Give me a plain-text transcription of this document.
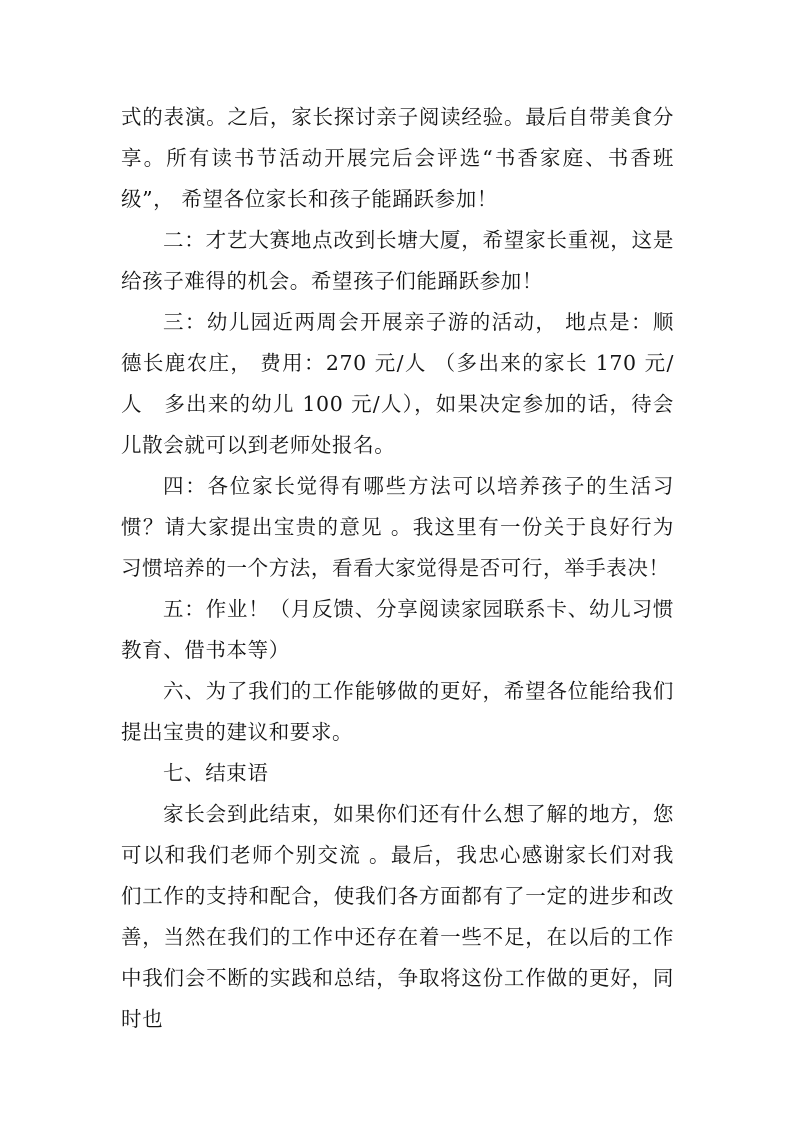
式的表演。之后，家长探讨亲子阅读经验。最后自带美食分享。所有读书节活动开展完后会评选“书香家庭、书香班级”， 希望各位家长和孩子能踊跃参加！

二：才艺大赛地点改到长塘大厦，希望家长重视，这是给孩子难得的机会。希望孩子们能踊跃参加！

三：幼儿园近两周会开展亲子游的活动， 地点是：顺德长鹿农庄， 费用：270 元/人 （多出来的家长 170 元/人　多出来的幼儿 100 元/人），如果决定参加的话，待会儿散会就可以到老师处报名。

四：各位家长觉得有哪些方法可以培养孩子的生活习惯？请大家提出宝贵的意见 。我这里有一份关于良好行为习惯培养的一个方法，看看大家觉得是否可行，举手表决！

五：作业！（月反馈、分享阅读家园联系卡、幼儿习惯教育、借书本等）

六、为了我们的工作能够做的更好，希望各位能给我们提出宝贵的建议和要求。

七、结束语

家长会到此结束，如果你们还有什么想了解的地方，您可以和我们老师个别交流 。最后，我忠心感谢家长们对我们工作的支持和配合，使我们各方面都有了一定的进步和改善，当然在我们的工作中还存在着一些不足，在以后的工作中我们会不断的实践和总结，争取将这份工作做的更好，同时也
